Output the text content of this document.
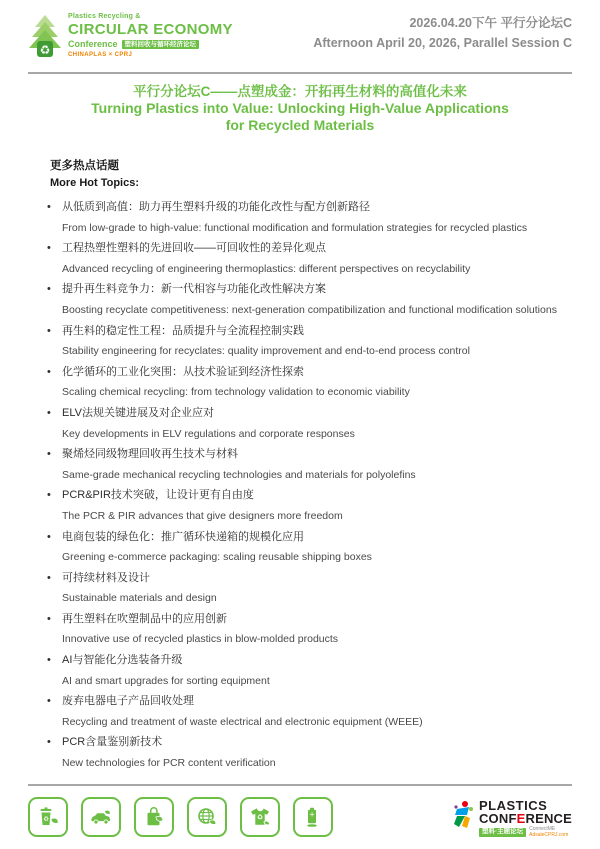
♻
Plastics Recycling &
CIRCULAR ECONOMY
Conference	塑料回收与循环经济论坛
CHINAPLAS × CPRJ
2026.04.20下午 平行分论坛C
Afternoon April 20, 2026, Parallel Session C
平行分论坛C——点塑成金：开拓再生材料的高值化未来
Turning Plastics into Value: Unlocking High-Value Applications
for Recycled Materials
更多热点话题
More Hot Topics:
• 从低质到高值：助力再生塑料升级的功能化改性与配方创新路径
From low-grade to high-value: functional modification and formulation strategies for recycled plastics
• 工程热塑性塑料的先进回收——可回收性的差异化观点
Advanced recycling of engineering thermoplastics: different perspectives on recyclability
• 提升再生料竞争力：新一代相容与功能化改性解决方案
Boosting recyclate competitiveness: next-generation compatibilization and functional modification solutions
• 再生料的稳定性工程：品质提升与全流程控制实践
Stability engineering for recyclates: quality improvement and end-to-end process control
• 化学循环的工业化突围：从技术验证到经济性探索
Scaling chemical recycling: from technology validation to economic viability
• ELV法规关键进展及对企业应对
Key developments in ELV regulations and corporate responses
• 聚烯烃同级物理回收再生技术与材料
Same-grade mechanical recycling technologies and materials for polyolefins
• PCR&PIR技术突破，让设计更有自由度
The PCR & PIR advances that give designers more freedom
• 电商包装的绿色化：推广循环快递箱的规模化应用
Greening e-commerce packaging: scaling reusable shipping boxes
• 可持续材料及设计
Sustainable materials and design
• 再生塑料在吹塑制品中的应用创新
Innovative use of recycled plastics in blow-molded products
• AI与智能化分选装备升级
AI and smart upgrades for sorting equipment
• 废弃电器电子产品回收处理
Recycling and treatment of waste electrical and electronic equipment (WEEE)
• PCR含量鉴别新技术
New technologies for PCR content verification
♻	♻	+
PLASTICS
CONFERENCE
塑料·主题论坛	ConnectME
AdsaleCPRJ.com
